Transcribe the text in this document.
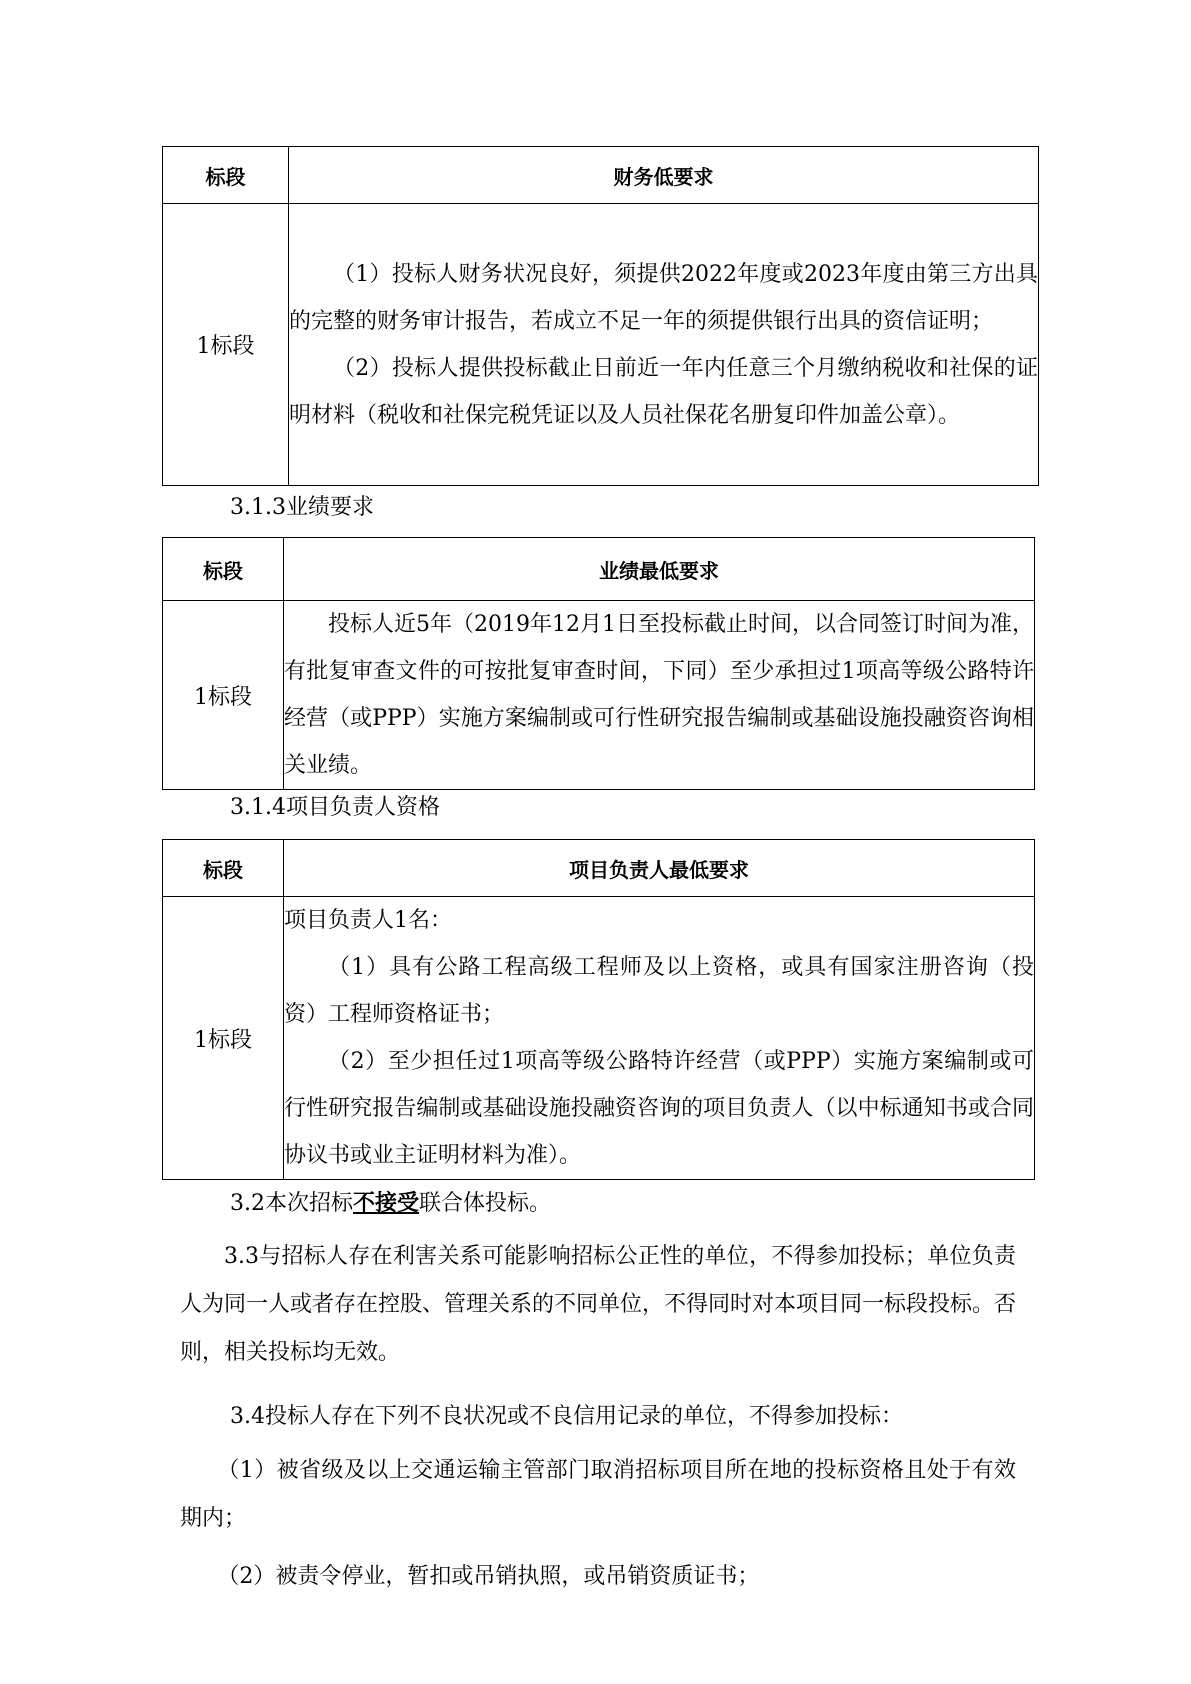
标段	财务低要求
1标段	（1）投标人财务状况良好，须提供2022年度或2023年度由第三方出具的完整的财务审计报告，若成立不足一年的须提供银行出具的资信证明；

（2）投标人提供投标截止日前近一年内任意三个月缴纳税收和社保的证明材料（税收和社保完税凭证以及人员社保花名册复印件加盖公章）。

3.1.3业绩要求
标段	业绩最低要求
1标段	投标人近5年（2019年12月1日至投标截止时间，以合同签订时间为准，有批复审查文件的可按批复审查时间，下同）至少承担过1项高等级公路特许经营（或PPP）实施方案编制或可行性研究报告编制或基础设施投融资咨询相关业绩。

3.1.4项目负责人资格
标段	项目负责人最低要求
1标段	项目负责人1名：

（1）具有公路工程高级工程师及以上资格，或具有国家注册咨询（投资）工程师资格证书；

（2）至少担任过1项高等级公路特许经营（或PPP）实施方案编制或可行性研究报告编制或基础设施投融资咨询的项目负责人（以中标通知书或合同协议书或业主证明材料为准）。

3.2本次招标不接受联合体投标。

3.3与招标人存在利害关系可能影响招标公正性的单位，不得参加投标；单位负责人为同一人或者存在控股、管理关系的不同单位，不得同时对本项目同一标段投标。否则，相关投标均无效。

3.4投标人存在下列不良状况或不良信用记录的单位，不得参加投标：

（1）被省级及以上交通运输主管部门取消招标项目所在地的投标资格且处于有效期内；

（2）被责令停业，暂扣或吊销执照，或吊销资质证书；
